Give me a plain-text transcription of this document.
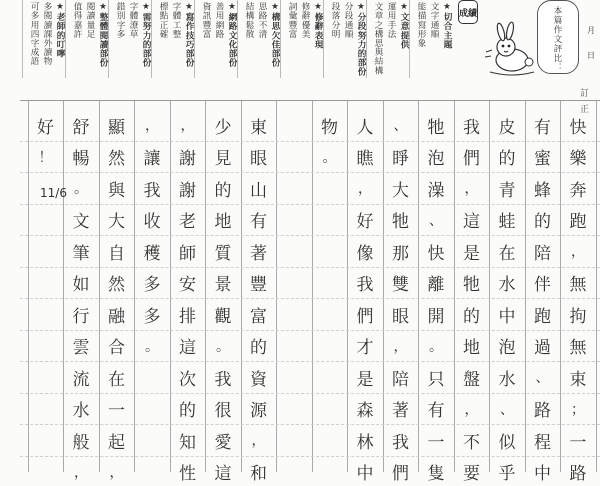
★切合主題
文字通順
能描寫形象
★文意提供
運用手法
文章之構思與結構
★分段努力的部份
分段通順
段落分明
★修辭表現
修辭優美
詞彙豐富
★構思欠佳部份
思路不清
結構鬆散
★網路文化部份
善用網路
資訊豐富
★寫作技巧部份
字體工整
標點正確
★需努力的部份
字體潦草
錯別字多
★整體閱讀部份
閱讀量足
值得嘉許
★老師的叮嚀
多閱讀課外讀物
可多用四字成語	成績	本篇作文評比：	月
日
訂
正
快
樂
奔
跑
，
無
拘
無
束
；
一
路
有
蜜
蜂
的
陪
伴
跑
過
、
路
程
中
皮
的
青
蛙
在
水
中
泡
水
、
似
乎
我
們
，
這
是
牠
的
地
盤
，
不
要
牠
泡
澡
、
快
離
開
。
只
有
一
隻
、
睜
大
牠
那
雙
眼
，
陪
著
我
們
人
瞧
，
好
像
我
們
才
是
森
林
中
物
。
東
眼
山
有
著
豐
富
的
資
源
，
和
少
見
的
地
質
景
觀
。
我
很
愛
這
，
謝
謝
老
師
安
排
這
次
的
知
性
，
讓
我
收
穫
多
多
。
顯
然
與
大
自
然
融
合
在
一
起
，
舒
暢
。
文
筆
如
行
雲
流
水
般
，
好
！
11/6
